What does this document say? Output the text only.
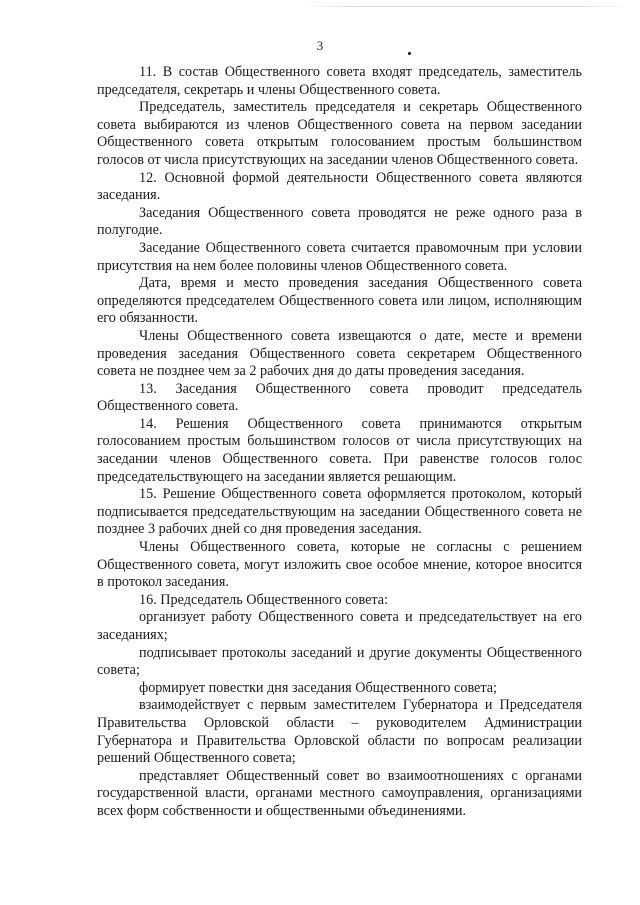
3

11. В состав Общественного совета входят председатель, заместитель председателя, секретарь и члены Общественного совета.

Председатель, заместитель председателя и секретарь Общественного совета выбираются из членов Общественного совета на первом заседании Общественного совета открытым голосованием простым большинством голосов от числа присутствующих на заседании членов Общественного совета.

12. Основной формой деятельности Общественного совета являются заседания.

Заседания Общественного совета проводятся не реже одного раза в полугодие.

Заседание Общественного совета считается правомочным при условии присутствия на нем более половины членов Общественного совета.

Дата, время и место проведения заседания Общественного совета определяются председателем Общественного совета или лицом, исполняющим его обязанности.

Члены Общественного совета извещаются о дате, месте и времени проведения заседания Общественного совета секретарем Общественного совета не позднее чем за 2 рабочих дня до даты проведения заседания.

13. Заседания Общественного совета проводит председатель Общественного совета.

14. Решения Общественного совета принимаются открытым голосованием простым большинством голосов от числа присутствующих на заседании членов Общественного совета. При равенстве голосов голос председательствующего на заседании является решающим.

15. Решение Общественного совета оформляется протоколом, который подписывается председательствующим на заседании Общественного совета не позднее 3 рабочих дней со дня проведения заседания.

Члены Общественного совета, которые не согласны с решением Общественного совета, могут изложить свое особое мнение, которое вносится в протокол заседания.

16. Председатель Общественного совета:

организует работу Общественного совета и председательствует на его заседаниях;

подписывает протоколы заседаний и другие документы Общественного совета;

формирует повестки дня заседания Общественного совета;

взаимодействует с первым заместителем Губернатора и Председателя Правительства Орловской области – руководителем Администрации Губернатора и Правительства Орловской области по вопросам реализации решений Общественного совета;

представляет Общественный совет во взаимоотношениях с органами государственной власти, органами местного самоуправления, организациями всех форм собственности и общественными объединениями.
